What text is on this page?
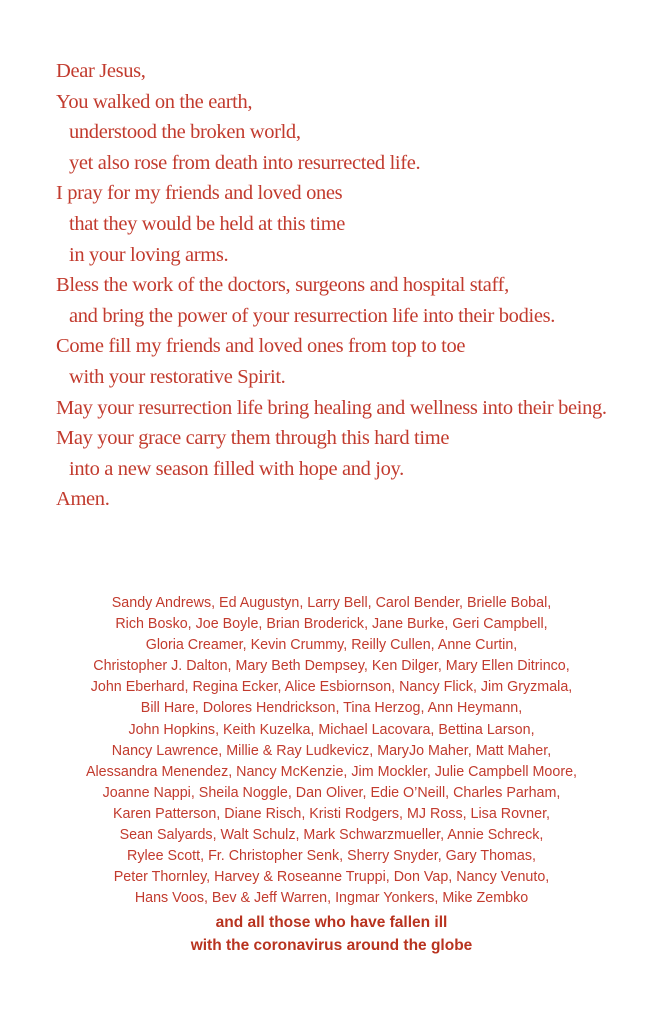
Dear Jesus,
You walked on the earth,
understood the broken world,
yet also rose from death into resurrected life.
I pray for my friends and loved ones
that they would be held at this time
in your loving arms.
Bless the work of the doctors, surgeons and hospital staff,
and bring the power of your resurrection life into their bodies.
Come fill my friends and loved ones from top to toe
with your restorative Spirit.
May your resurrection life bring healing and wellness into their being.
May your grace carry them through this hard time
into a new season filled with hope and joy.
Amen.
Sandy Andrews, Ed Augustyn, Larry Bell, Carol Bender, Brielle Bobal,
Rich Bosko, Joe Boyle, Brian Broderick, Jane Burke, Geri Campbell,
Gloria Creamer, Kevin Crummy, Reilly Cullen, Anne Curtin,
Christopher J. Dalton, Mary Beth Dempsey, Ken Dilger, Mary Ellen Ditrinco,
John Eberhard, Regina Ecker, Alice Esbiornson, Nancy Flick, Jim Gryzmala,
Bill Hare, Dolores Hendrickson, Tina Herzog, Ann Heymann,
John Hopkins, Keith Kuzelka, Michael Lacovara, Bettina Larson,
Nancy Lawrence, Millie & Ray Ludkevicz, MaryJo Maher, Matt Maher,
Alessandra Menendez, Nancy McKenzie, Jim Mockler, Julie Campbell Moore,
Joanne Nappi, Sheila Noggle, Dan Oliver, Edie O’Neill, Charles Parham,
Karen Patterson, Diane Risch, Kristi Rodgers, MJ Ross, Lisa Rovner,
Sean Salyards, Walt Schulz, Mark Schwarzmueller, Annie Schreck,
Rylee Scott, Fr. Christopher Senk, Sherry Snyder, Gary Thomas,
Peter Thornley, Harvey & Roseanne Truppi, Don Vap, Nancy Venuto,
Hans Voos, Bev & Jeff Warren, Ingmar Yonkers, Mike Zembko
and all those who have fallen ill
with the coronavirus around the globe
